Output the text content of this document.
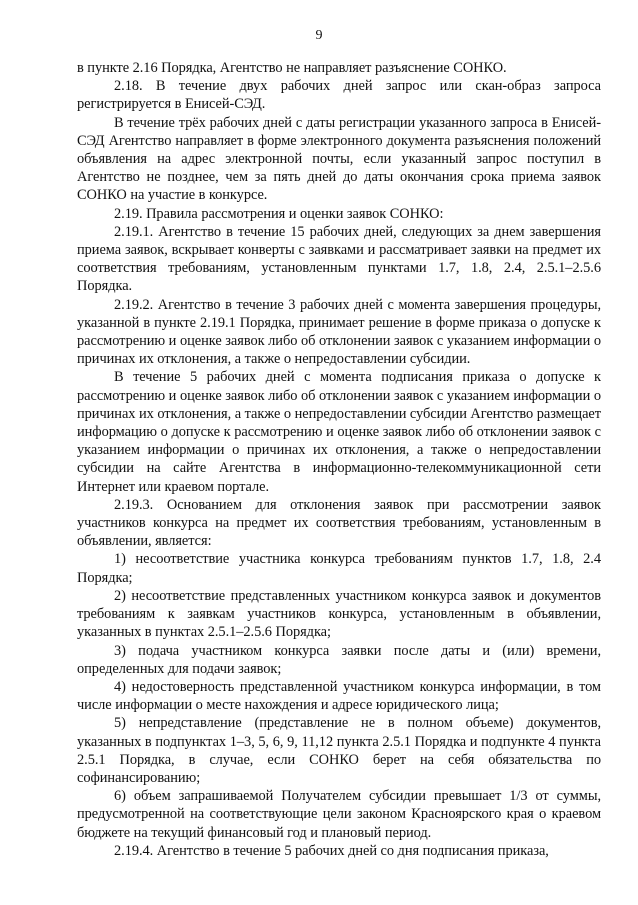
9

в пункте 2.16 Порядка, Агентство не направляет разъяснение СОНКО.

2.18. В течение двух рабочих дней запрос или скан-образ запроса регистрируется в Енисей-СЭД.

В течение трёх рабочих дней с даты регистрации указанного запроса в Енисей-СЭД Агентство направляет в форме электронного документа разъяснения положений объявления на адрес электронной почты, если указанный запрос поступил в Агентство не позднее, чем за пять дней до даты окончания срока приема заявок СОНКО на участие в конкурсе.

2.19. Правила рассмотрения и оценки заявок СОНКО:

2.19.1. Агентство в течение 15 рабочих дней, следующих за днем завершения приема заявок, вскрывает конверты с заявками и рассматривает заявки на предмет их соответствия требованиям, установленным пунктами 1.7, 1.8, 2.4, 2.5.1–2.5.6 Порядка.

2.19.2. Агентство в течение 3 рабочих дней с момента завершения процедуры, указанной в пункте 2.19.1 Порядка, принимает решение в форме приказа о допуске к рассмотрению и оценке заявок либо об отклонении заявок с указанием информации о причинах их отклонения, а также о непредоставлении субсидии.

В течение 5 рабочих дней с момента подписания приказа о допуске к рассмотрению и оценке заявок либо об отклонении заявок с указанием информации о причинах их отклонения, а также о непредоставлении субсидии Агентство размещает информацию о допуске к рассмотрению и оценке заявок либо об отклонении заявок с указанием информации о причинах их отклонения, а также о непредоставлении субсидии на сайте Агентства в информационно-телекоммуникационной сети Интернет или краевом портале.

2.19.3. Основанием для отклонения заявок при рассмотрении заявок участников конкурса на предмет их соответствия требованиям, установленным в объявлении, является:

1) несоответствие участника конкурса требованиям пунктов 1.7, 1.8, 2.4 Порядка;

2) несоответствие представленных участником конкурса заявок и документов требованиям к заявкам участников конкурса, установленным в объявлении, указанных в пунктах 2.5.1–2.5.6 Порядка;

3) подача участником конкурса заявки после даты и (или) времени, определенных для подачи заявок;

4) недостоверность представленной участником конкурса информации, в том числе информации о месте нахождения и адресе юридического лица;

5) непредставление (представление не в полном объеме) документов, указанных в подпунктах 1–3, 5, 6, 9, 11,12 пункта 2.5.1 Порядка и подпункте 4 пункта 2.5.1 Порядка, в случае, если СОНКО берет на себя обязательства по софинансированию;

6) объем запрашиваемой Получателем субсидии превышает 1/3 от суммы, предусмотренной на соответствующие цели законом Красноярского края о краевом бюджете на текущий финансовый год и плановый период.

2.19.4. Агентство в течение 5 рабочих дней со дня подписания приказа,
